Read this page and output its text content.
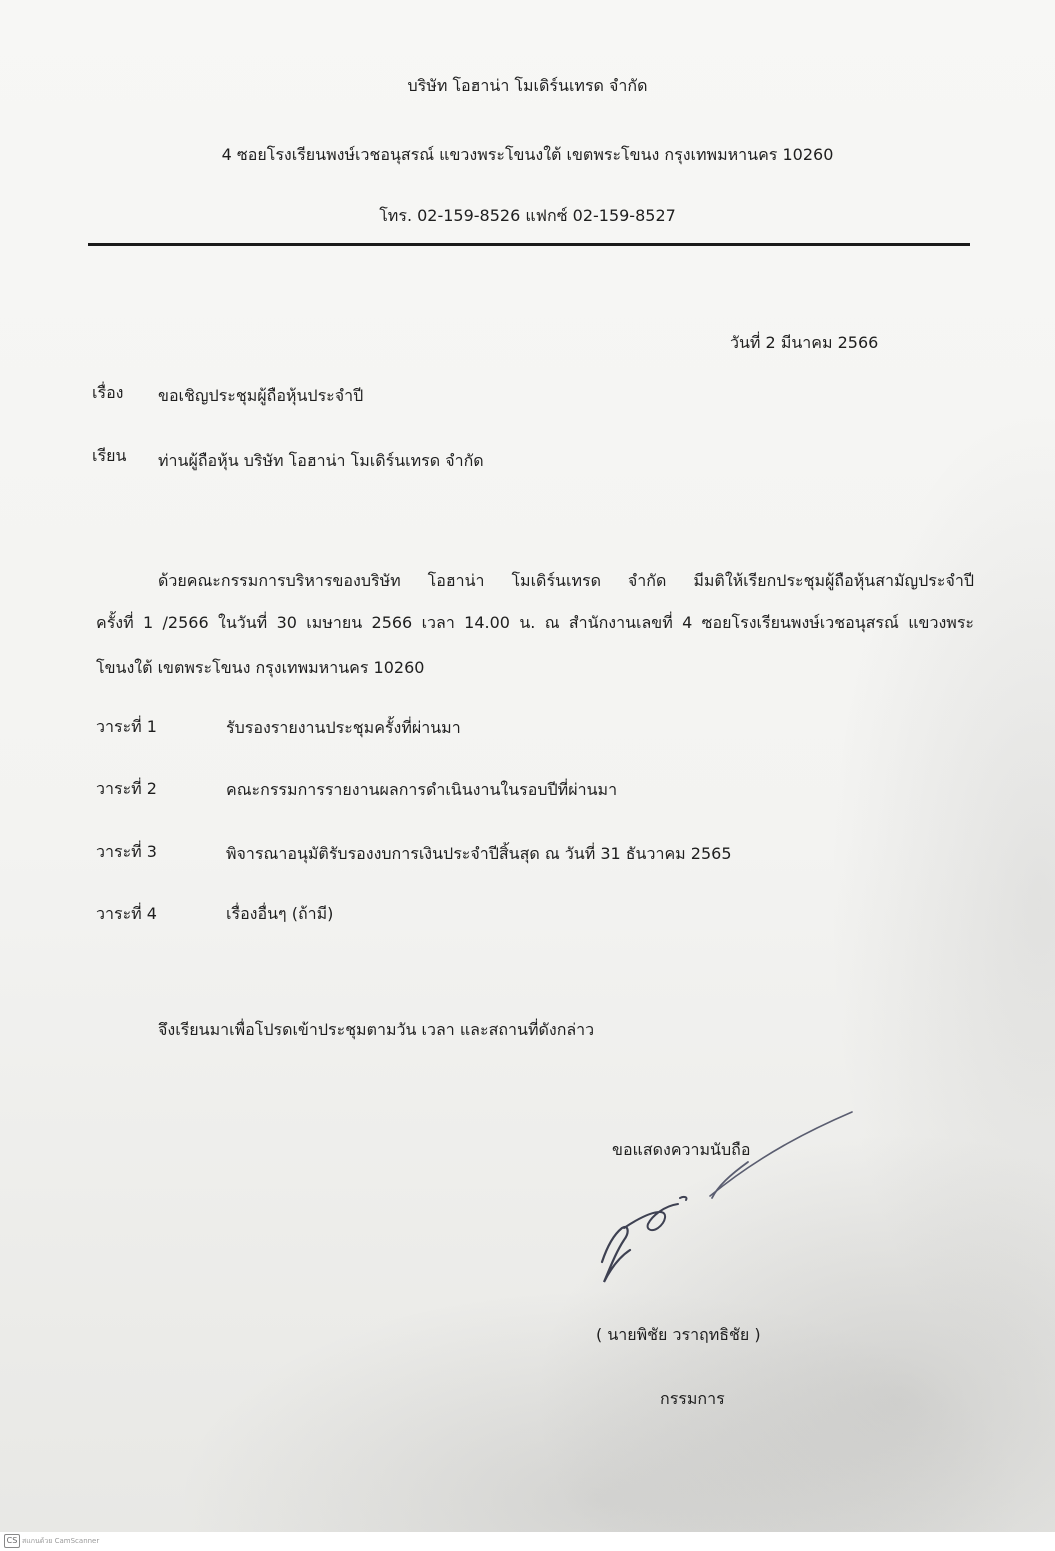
บริษัท โอฮาน่า โมเดิร์นเทรด จำกัด
4 ซอยโรงเรียนพงษ์เวชอนุสรณ์ แขวงพระโขนงใต้ เขตพระโขนง กรุงเทพมหานคร 10260
โทร. 02-159-8526 แฟกซ์ 02-159-8527
วันที่ 2 มีนาคม 2566
เรื่อง ขอเชิญประชุมผู้ถือหุ้นประจำปี
เรียน ท่านผู้ถือหุ้น บริษัท โอฮาน่า โมเดิร์นเทรด จำกัด
ด้วยคณะกรรมการบริหารของบริษัท โอฮาน่า โมเดิร์นเทรด จำกัด มีมติให้เรียกประชุมผู้ถือหุ้นสามัญประจำปี
ครั้งที่ 1 /2566 ในวันที่ 30 เมษายน 2566 เวลา 14.00 น. ณ สำนักงานเลขที่ 4 ซอยโรงเรียนพงษ์เวชอนุสรณ์ แขวงพระ
โขนงใต้ เขตพระโขนง กรุงเทพมหานคร 10260
วาระที่ 1	รับรองรายงานประชุมครั้งที่ผ่านมา
วาระที่ 2	คณะกรรมการรายงานผลการดำเนินงานในรอบปีที่ผ่านมา
วาระที่ 3	พิจารณาอนุมัติรับรองงบการเงินประจำปีสิ้นสุด ณ วันที่ 31 ธันวาคม 2565
วาระที่ 4	เรื่องอื่นๆ (ถ้ามี)
จึงเรียนมาเพื่อโปรดเข้าประชุมตามวัน เวลา และสถานที่ดังกล่าว
ขอแสดงความนับถือ
( นายพิชัย วราฤทธิชัย )
กรรมการ
CS สแกนด้วย CamScanner
